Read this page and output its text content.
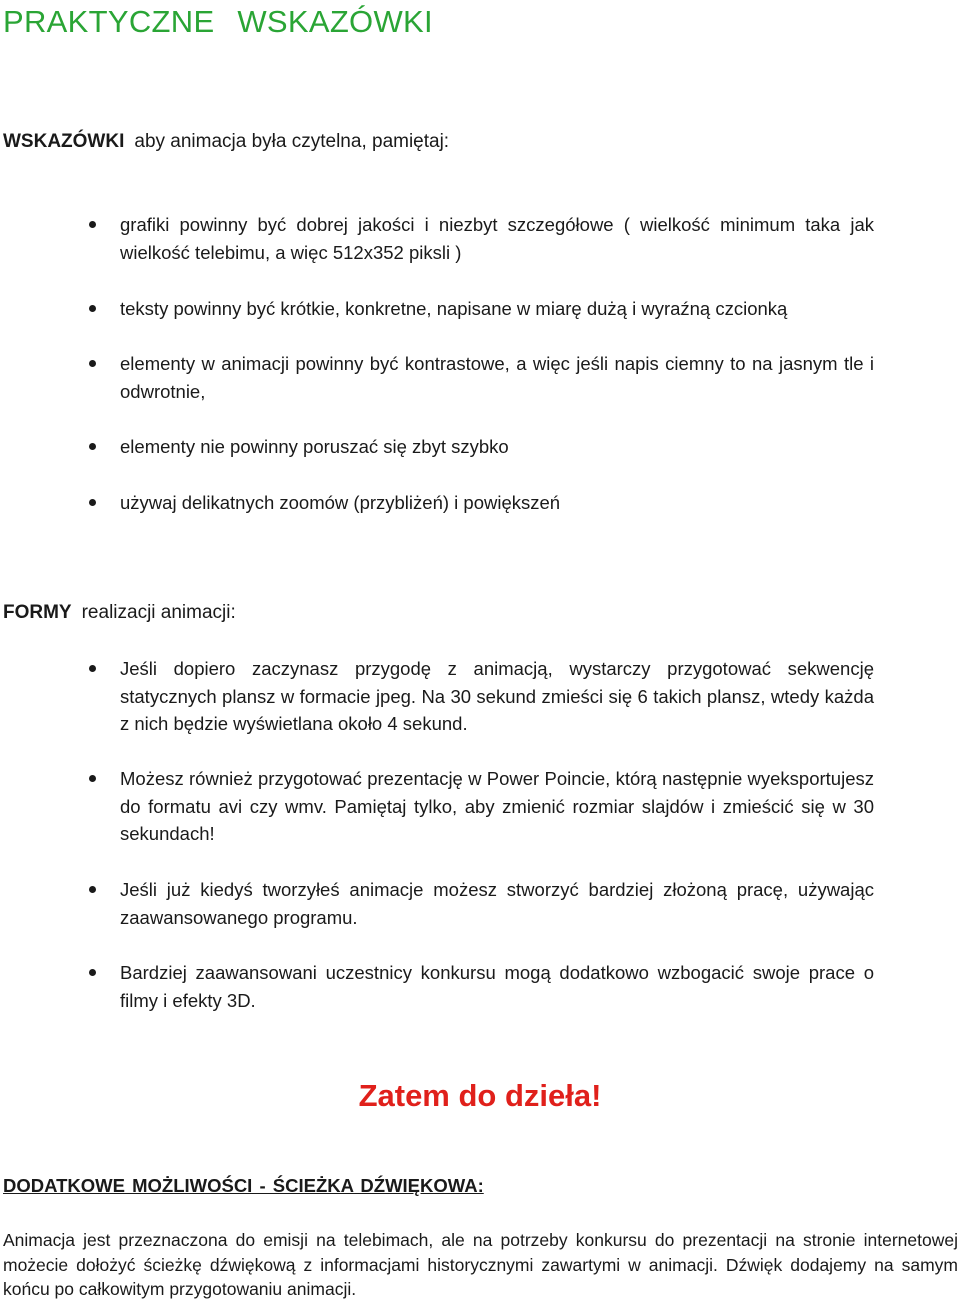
PRAKTYCZNE WSKAZÓWKI

WSKAZÓWKI aby animacja była czytelna, pamiętaj:

grafiki powinny być dobrej jakości i niezbyt szczegółowe ( wielkość minimum taka jak wielkość telebimu, a więc 512x352 piksli )

teksty powinny być krótkie, konkretne, napisane w miarę dużą i wyraźną czcionką

elementy w animacji powinny być kontrastowe, a więc jeśli napis ciemny to na jasnym tle i odwrotnie,

elementy nie powinny poruszać się zbyt szybko

używaj delikatnych zoomów (przybliżeń) i powiększeń

FORMY realizacji animacji:

Jeśli dopiero zaczynasz przygodę z animacją, wystarczy przygotować sekwencję statycznych plansz w formacie jpeg. Na 30 sekund zmieści się 6 takich plansz, wtedy każda z nich będzie wyświetlana około 4 sekund.

Możesz również przygotować prezentację w Power Poincie, którą następnie wyeksportujesz do formatu avi czy wmv. Pamiętaj tylko, aby zmienić rozmiar slajdów i zmieścić się w 30 sekundach!

Jeśli już kiedyś tworzyłeś animacje możesz stworzyć bardziej złożoną pracę, używając zaawansowanego programu.

Bardziej zaawansowani uczestnicy konkursu mogą dodatkowo wzbogacić swoje prace o filmy i efekty 3D.

Zatem do dzieła!

DODATKOWE MOŻLIWOŚCI - ŚCIEŻKA DŹWIĘKOWA:

Animacja jest przeznaczona do emisji na telebimach, ale na potrzeby konkursu do prezentacji na stronie internetowej możecie dołożyć ścieżkę dźwiękową z informacjami historycznymi zawartymi w animacji. Dźwięk dodajemy na samym końcu po całkowitym przygotowaniu animacji.
